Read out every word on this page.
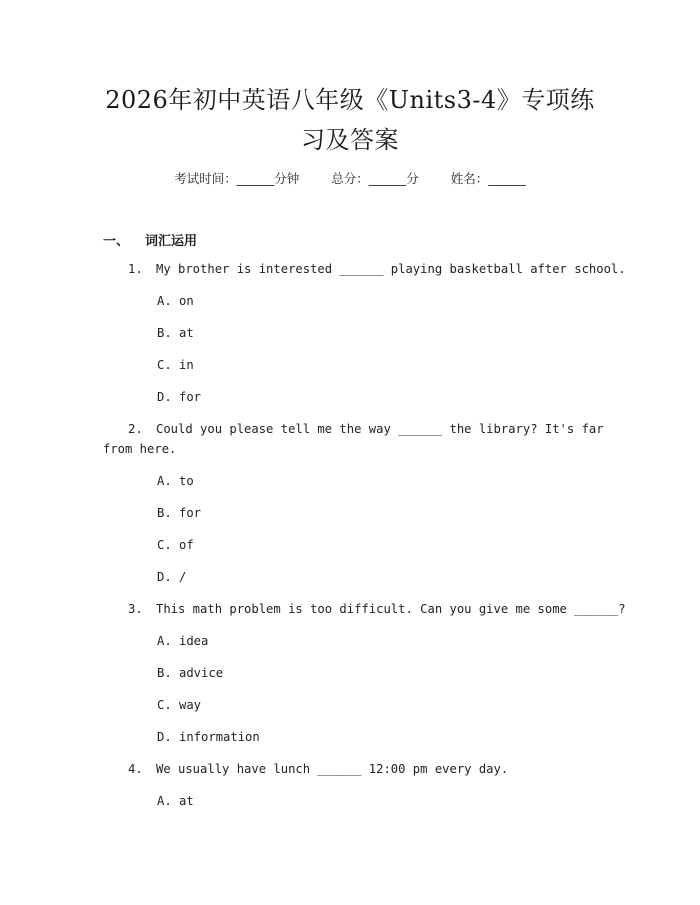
2026年初中英语八年级《Units3-4》专项练
习及答案
考试时间：______分钟	总分：______分	姓名：______
一、 词汇运用
1. My brother is interested ______ playing basketball after school.
A. on
B. at
C. in
D. for
2. Could you please tell me the way ______ the library? It's far
from here.
A. to
B. for
C. of
D. /
3. This math problem is too difficult. Can you give me some ______?
A. idea
B. advice
C. way
D. information
4. We usually have lunch ______ 12:00 pm every day.
A. at
